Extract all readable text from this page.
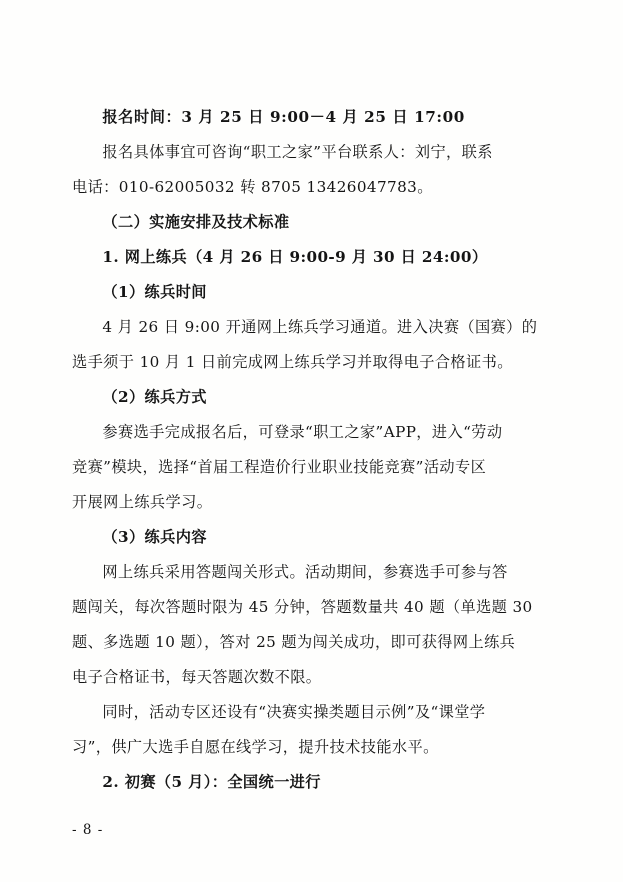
报名时间：3 月 25 日 9:00－4 月 25 日 17:00

报名具体事宜可咨询“职工之家”平台联系人：刘宁，联系

电话：010-62005032 转 8705 13426047783。

（二）实施安排及技术标准

1. 网上练兵（4 月 26 日 9:00-9 月 30 日 24:00）

（1）练兵时间

4 月 26 日 9:00 开通网上练兵学习通道。进入决赛（国赛）的

选手须于 10 月 1 日前完成网上练兵学习并取得电子合格证书。

（2）练兵方式

参赛选手完成报名后，可登录“职工之家”APP，进入“劳动

竞赛”模块，选择“首届工程造价行业职业技能竞赛”活动专区

开展网上练兵学习。

（3）练兵内容

网上练兵采用答题闯关形式。活动期间，参赛选手可参与答

题闯关，每次答题时限为 45 分钟，答题数量共 40 题（单选题 30

题、多选题 10 题），答对 25 题为闯关成功，即可获得网上练兵

电子合格证书，每天答题次数不限。

同时，活动专区还设有“决赛实操类题目示例”及“课堂学

习”，供广大选手自愿在线学习，提升技术技能水平。

2. 初赛（5 月）：全国统一进行

- 8 -
